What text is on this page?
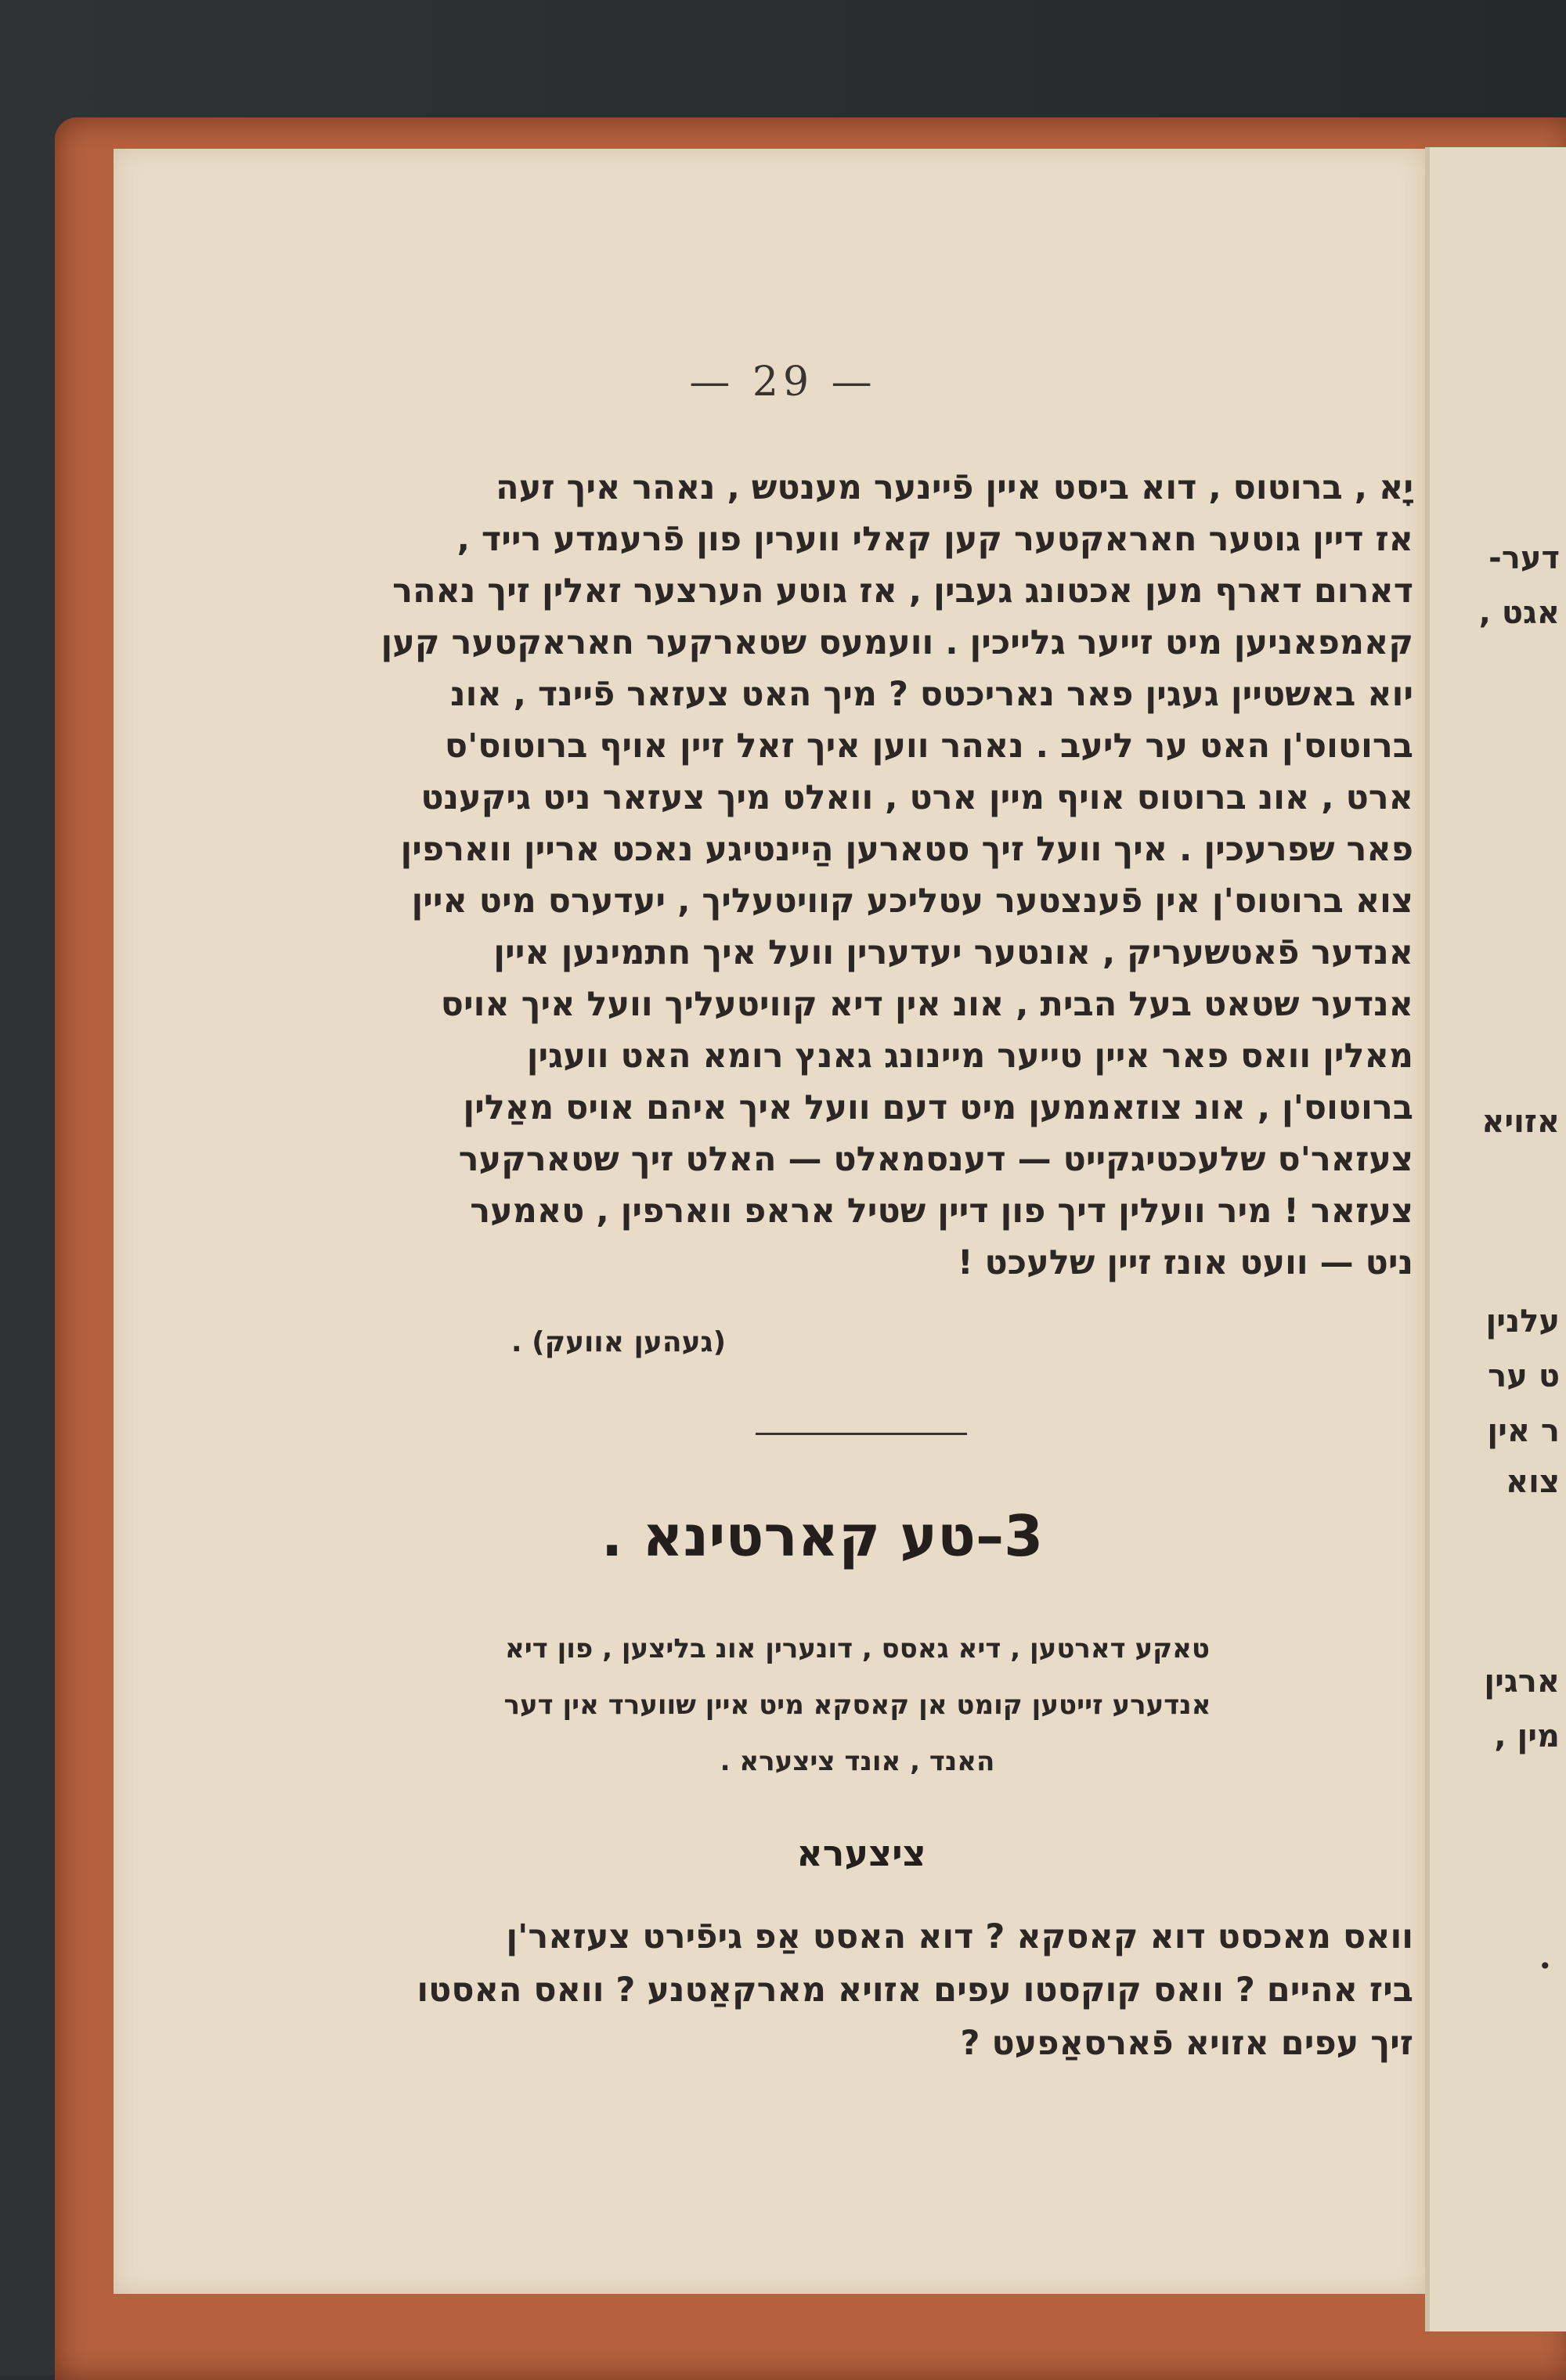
— 29 —
יָא , ברוטוס , דוא ביסט איין פֿיינער מענטש , נאהר איך זעה
אז דיין גוטער חאראקטער קען קאלי ווערין פון פֿרעמדע רייד ,
דארום דארף מען אכטונג געבין , אז גוטע הערצער זאלין זיך נאהר
קאמפאניען מיט זייער גלייכין . וועמעס שטארקער חאראקטער קען
יוא באשטיין געגין פאר נאריכטס ? מיך האט צעזאר פֿיינד , אונ
ברוטוס'ן האט ער ליעב . נאהר ווען איך זאל זיין אויף ברוטוס'ס
ארט , אונ ברוטוס אויף מיין ארט , וואלט מיך צעזאר ניט גיקענט
פאר שפרעכין . איך וועל זיך סטארען הַיינטיגע נאכט אריין ווארפין
צוא ברוטוס'ן אין פֿענצטער עטליכע קוויטעליך , יעדערס מיט איין
אנדער פֿאטשעריק , אונטער יעדערין וועל איך חתמינען איין
אנדער שטאט בעל הבית , אונ אין דיא קוויטעליך וועל איך אויס
מאלין וואס פאר איין טייער מיינונג גאנץ רומא האט וועגין
ברוטוס'ן , אונ צוזאממען מיט דעם וועל איך איהם אויס מאַלין
צעזאר'ס שלעכטיגקייט — דענסמאלט — האלט זיך שטארקער
צעזאר ! מיר וועלין דיך פון דיין שטיל אראפ ווארפין , טאמער
ניט — וועט אונז זיין שלעכט !
(געהען אוועק) .
3–טע קארטינא .
טאקע דארטען , דיא גאסס , דונערין אונ בליצען , פון דיא
אנדערע זייטען קומט אן קאסקא מיט איין שווערד אין דער
האנד , אונד ציצערא .
ציצערא
וואס מאכסט דוא קאסקא ? דוא האסט אַפ גיפֿירט צעזאר'ן
ביז אהיים ? וואס קוקסטו עפים אזויא מארקאַטנע ? וואס האסטו
זיך עפים אזויא פֿארסאַפעט ?
דער-
אגט ,
אזויא
עלנין
ט ער
ר אין
צוא
ארגין
מין ,
•
